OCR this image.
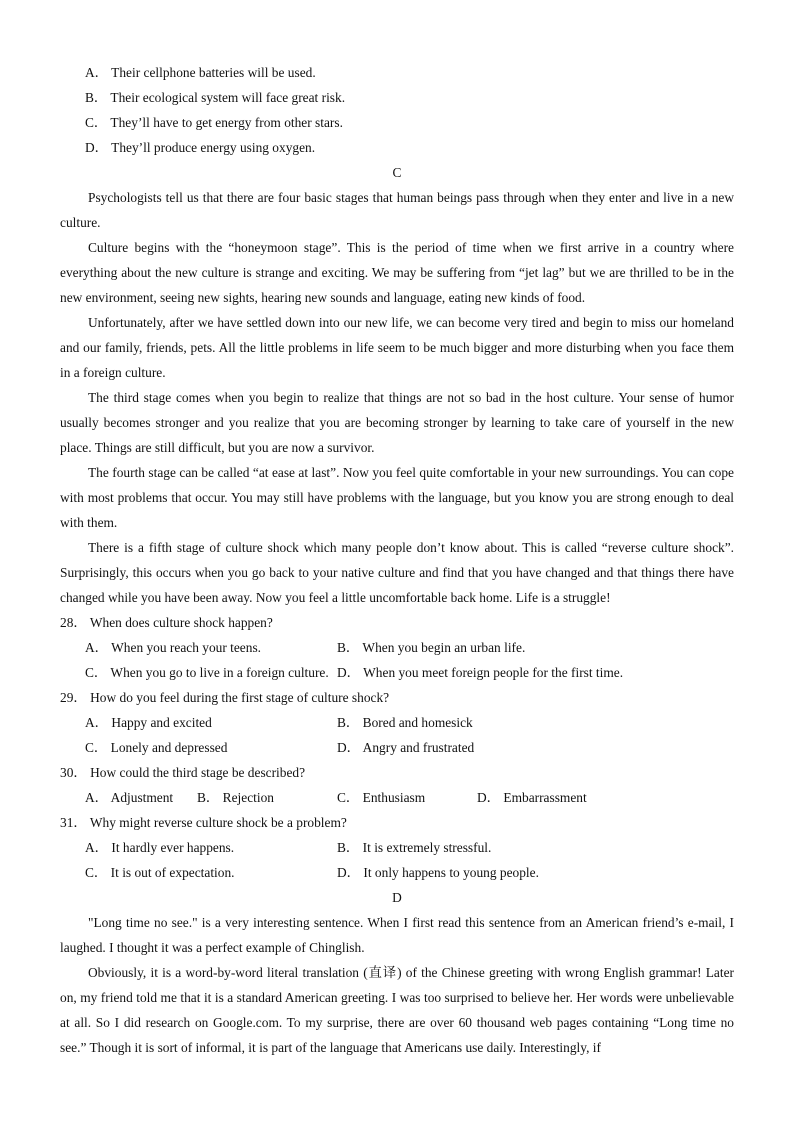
A． Their cellphone batteries will be used.
B． Their ecological system will face great risk.
C． They’ll have to get energy from other stars.
D． They’ll produce energy using oxygen.
C

Psychologists tell us that there are four basic stages that human beings pass through when they enter and live in a new culture.

Culture begins with the “honeymoon stage”. This is the period of time when we first arrive in a country where everything about the new culture is strange and exciting. We may be suffering from “jet lag” but we are thrilled to be in the new environment, seeing new sights, hearing new sounds and language, eating new kinds of food.

Unfortunately, after we have settled down into our new life, we can become very tired and begin to miss our homeland and our family, friends, pets. All the little problems in life seem to be much bigger and more disturbing when you face them in a foreign culture.

The third stage comes when you begin to realize that things are not so bad in the host culture. Your sense of humor usually becomes stronger and you realize that you are becoming stronger by learning to take care of yourself in the new place. Things are still difficult, but you are now a survivor.

The fourth stage can be called “at ease at last”. Now you feel quite comfortable in your new surroundings. You can cope with most problems that occur. You may still have problems with the language, but you know you are strong enough to deal with them.

There is a fifth stage of culture shock which many people don’t know about. This is called “reverse culture shock”. Surprisingly, this occurs when you go back to your native culture and find that you have changed and that things there have changed while you have been away. Now you feel a little uncomfortable back home. Life is a struggle!

28． When does culture shock happen?
A． When you reach your teens.	B． When you begin an urban life.
C． When you go to live in a foreign culture. D． When you meet foreign people for the first time.
29． How do you feel during the first stage of culture shock?
A． Happy and excited	B． Bored and homesick
C． Lonely and depressed	D． Angry and frustrated
30． How could the third stage be described?
A． Adjustment	B． Rejection	C． Enthusiasm	D． Embarrassment
31． Why might reverse culture shock be a problem?
A． It hardly ever happens.	B． It is extremely stressful.
C． It is out of expectation.	D． It only happens to young people.
D

"Long time no see." is a very interesting sentence. When I first read this sentence from an American friend’s e-mail, I laughed. I thought it was a perfect example of Chinglish.

Obviously, it is a word-by-word literal translation (直译) of the Chinese greeting with wrong English grammar! Later on, my friend told me that it is a standard American greeting. I was too surprised to believe her. Her words were unbelievable at all. So I did research on Google.com. To my surprise, there are over 60 thousand web pages containing “Long time no see.” Though it is sort of informal, it is part of the language that Americans use daily. Interestingly, if
